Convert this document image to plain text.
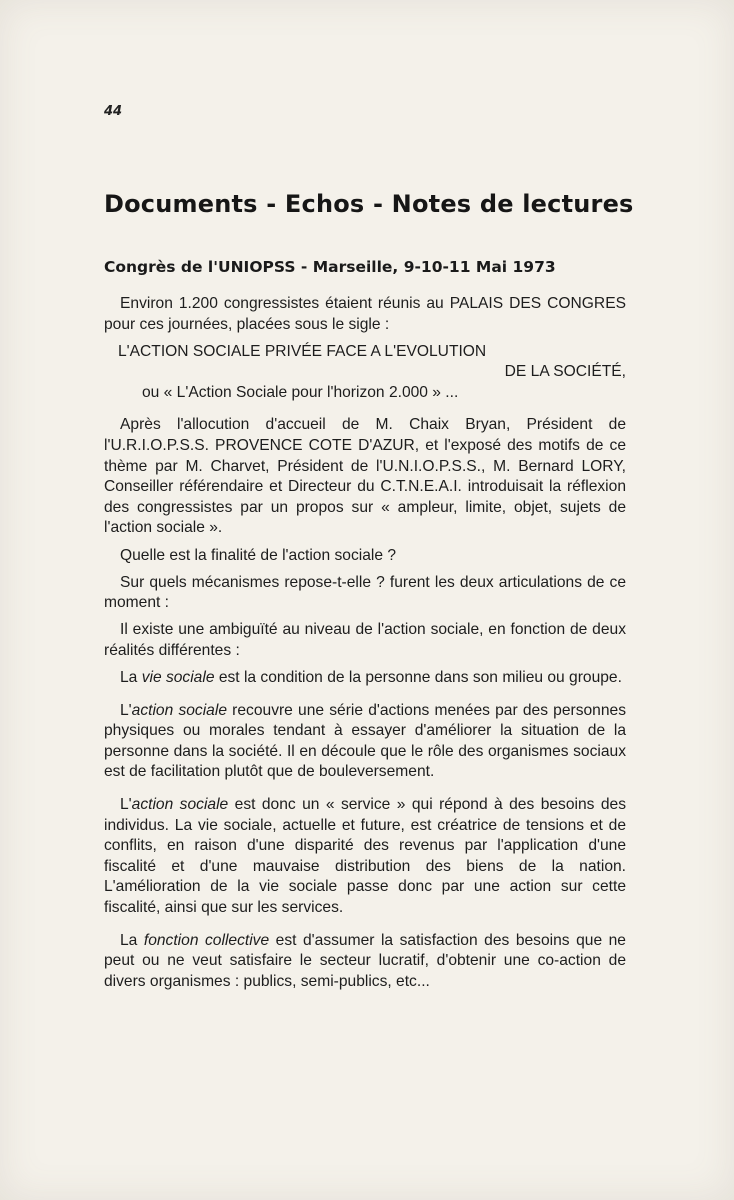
44
Documents - Echos - Notes de lectures
Congrès de l'UNIOPSS - Marseille, 9-10-11 Mai 1973

Environ 1.200 congressistes étaient réunis au PALAIS DES CONGRES pour ces journées, placées sous le sigle :

L'ACTION SOCIALE PRIVÉE FACE A L'EVOLUTION

DE LA SOCIÉTÉ,

ou « L'Action Sociale pour l'horizon 2.000 » ...

Après l'allocution d'accueil de M. Chaix Bryan, Président de l'U.R.I.O.P.S.S. PROVENCE COTE D'AZUR, et l'exposé des motifs de ce thème par M. Charvet, Président de l'U.N.I.O.P.S.S., M. Bernard LORY, Conseiller référendaire et Directeur du C.T.N.E.A.I. introduisait la réflexion des congressistes par un propos sur « ampleur, limite, objet, sujets de l'action sociale ».

Quelle est la finalité de l'action sociale ?

Sur quels mécanismes repose-t-elle ? furent les deux articulations de ce moment :

Il existe une ambiguïté au niveau de l'action sociale, en fonction de deux réalités différentes :

La vie sociale est la condition de la personne dans son milieu ou groupe.

L'action sociale recouvre une série d'actions menées par des personnes physiques ou morales tendant à essayer d'améliorer la situation de la personne dans la société. Il en découle que le rôle des organismes sociaux est de facilitation plutôt que de bouleversement.

L'action sociale est donc un « service » qui répond à des besoins des individus. La vie sociale, actuelle et future, est créatrice de tensions et de conflits, en raison d'une disparité des revenus par l'application d'une fiscalité et d'une mauvaise distribution des biens de la nation. L'amélioration de la vie sociale passe donc par une action sur cette fiscalité, ainsi que sur les services.

La fonction collective est d'assumer la satisfaction des besoins que ne peut ou ne veut satisfaire le secteur lucratif, d'obtenir une co-action de divers organismes : publics, semi-publics, etc...
